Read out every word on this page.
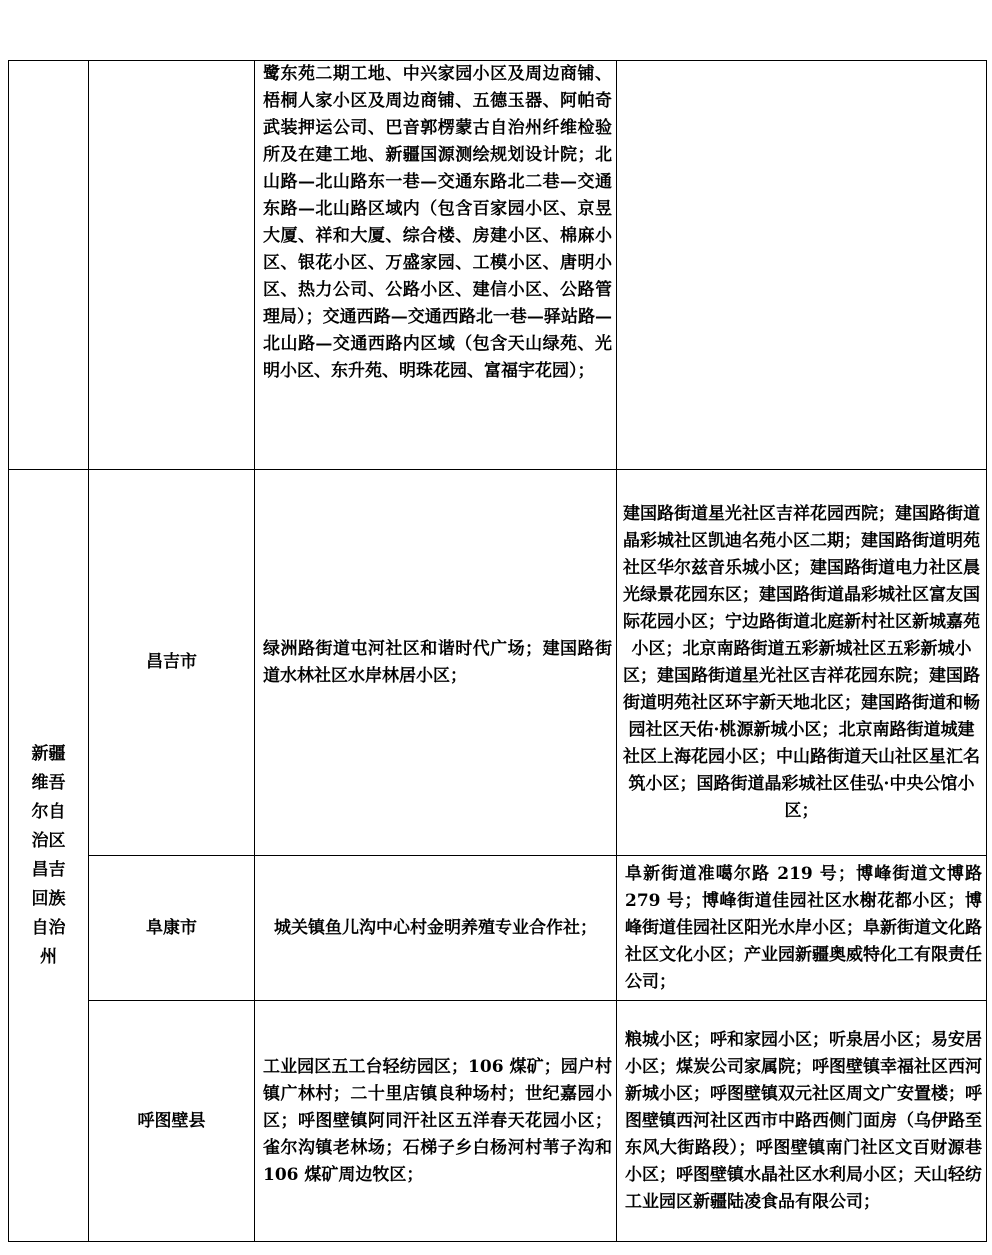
		鹭东苑二期工地、中兴家园小区及周边商铺、梧桐人家小区及周边商铺、五德玉器、阿帕奇武装押运公司、巴音郭楞蒙古自治州纤维检验所及在建工地、新疆国源测绘规划设计院；北山路—北山路东一巷—交通东路北二巷—交通东路—北山路区域内（包含百家园小区、京昱大厦、祥和大厦、综合楼、房建小区、棉麻小区、银花小区、万盛家园、工模小区、唐明小区、热力公司、公路小区、建信小区、公路管理局）；交通西路—交通西路北一巷—驿站路—北山路—交通西路内区域（包含天山绿苑、光明小区、东升苑、明珠花园、富福宇花园）；	

新疆维吾尔自治区昌吉回族自治州	昌吉市	绿洲路街道屯河社区和谐时代广场；建国路街道水林社区水岸林居小区；	建国路街道星光社区吉祥花园西院；建国路街道晶彩城社区凯迪名苑小区二期；建国路街道明苑社区华尔兹音乐城小区；建国路街道电力社区晨光绿景花园东区；建国路街道晶彩城社区富友国际花园小区；宁边路街道北庭新村社区新城嘉苑小区；北京南路街道五彩新城社区五彩新城小区；建国路街道星光社区吉祥花园东院；建国路街道明苑社区环宇新天地北区；建国路街道和畅园社区天佑·桃源新城小区；北京南路街道城建社区上海花园小区；中山路街道天山社区星汇名筑小区；国路街道晶彩城社区佳弘·中央公馆小区；

	阜康市	城关镇鱼儿沟中心村金明养殖专业合作社；	阜新街道准噶尔路 219 号；博峰街道文博路 279 号；博峰街道佳园社区水榭花都小区；博峰街道佳园社区阳光水岸小区；阜新街道文化路社区文化小区；产业园新疆奥威特化工有限责任公司；

	呼图壁县	工业园区五工台轻纺园区；106 煤矿；园户村镇广林村；二十里店镇良种场村；世纪嘉园小区；呼图壁镇阿同汗社区五洋春天花园小区；雀尔沟镇老林场；石梯子乡白杨河村苇子沟和 106 煤矿周边牧区；	粮城小区；呼和家园小区；听泉居小区；易安居小区；煤炭公司家属院；呼图壁镇幸福社区西河新城小区；呼图壁镇双元社区周文广安置楼；呼图壁镇西河社区西市中路西侧门面房（乌伊路至东风大街路段）；呼图壁镇南门社区文百财源巷小区；呼图壁镇水晶社区水利局小区；天山轻纺工业园区新疆陆凌食品有限公司；
